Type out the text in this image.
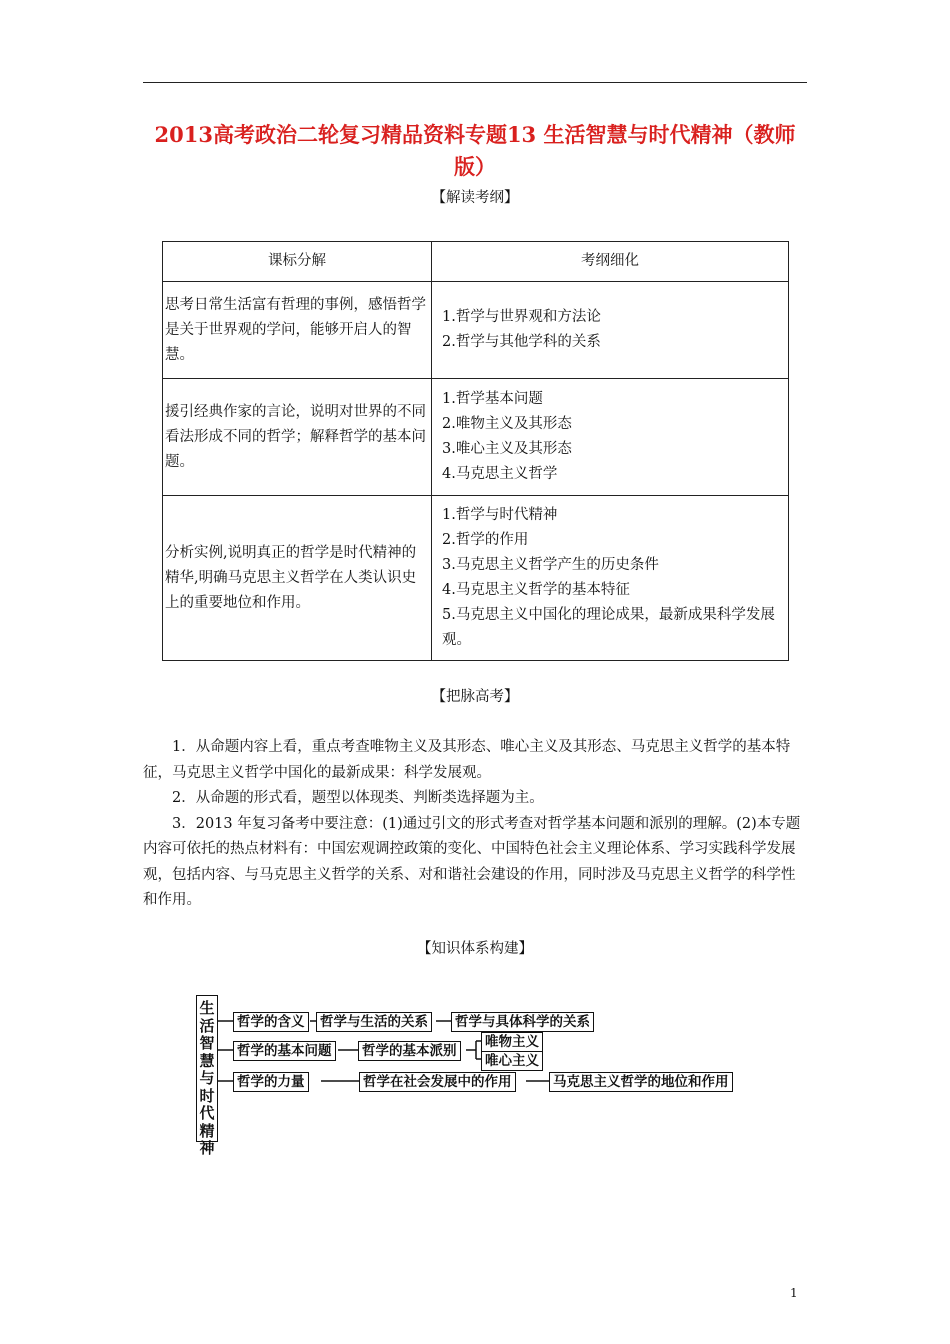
2013高考政治二轮复习精品资料专题13 生活智慧与时代精神（教师版）
【解读考纲】
课标分解	考纲细化
思考日常生活富有哲理的事例，感悟哲学是关于世界观的学问，能够开启人的智慧。	1.哲学与世界观和方法论
2.哲学与其他学科的关系

援引经典作家的言论，说明对世界的不同看法形成不同的哲学；解释哲学的基本问题。	1.哲学基本问题
2.唯物主义及其形态
3.唯心主义及其形态
4.马克思主义哲学

分析实例,说明真正的哲学是时代精神的精华,明确马克思主义哲学在人类认识史上的重要地位和作用。	1.哲学与时代精神
2.哲学的作用
3.马克思主义哲学产生的历史条件
4.马克思主义哲学的基本特征
5.马克思主义中国化的理论成果，最新成果科学发展观。
【把脉高考】

1．从命题内容上看，重点考查唯物主义及其形态、唯心主义及其形态、马克思主义哲学的基本特征，马克思主义哲学中国化的最新成果：科学发展观。

2．从命题的形式看，题型以体现类、判断类选择题为主。

3．2013 年复习备考中要注意：(1)通过引文的形式考查对哲学基本问题和派别的理解。(2)本专题内容可依托的热点材料有：中国宏观调控政策的变化、中国特色社会主义理论体系、学习实践科学发展观，包括内容、与马克思主义哲学的关系、对和谐社会建设的作用，同时涉及马克思主义哲学的科学性和作用。

【知识体系构建】
生
活
智
慧
与
时
代
精
神
哲学的含义 哲学与生活的关系 哲学与具体科学的关系
哲学的基本问题 哲学的基本派别
唯物主义
唯心主义
哲学的力量	哲学在社会发展中的作用	马克思主义哲学的地位和作用
1
